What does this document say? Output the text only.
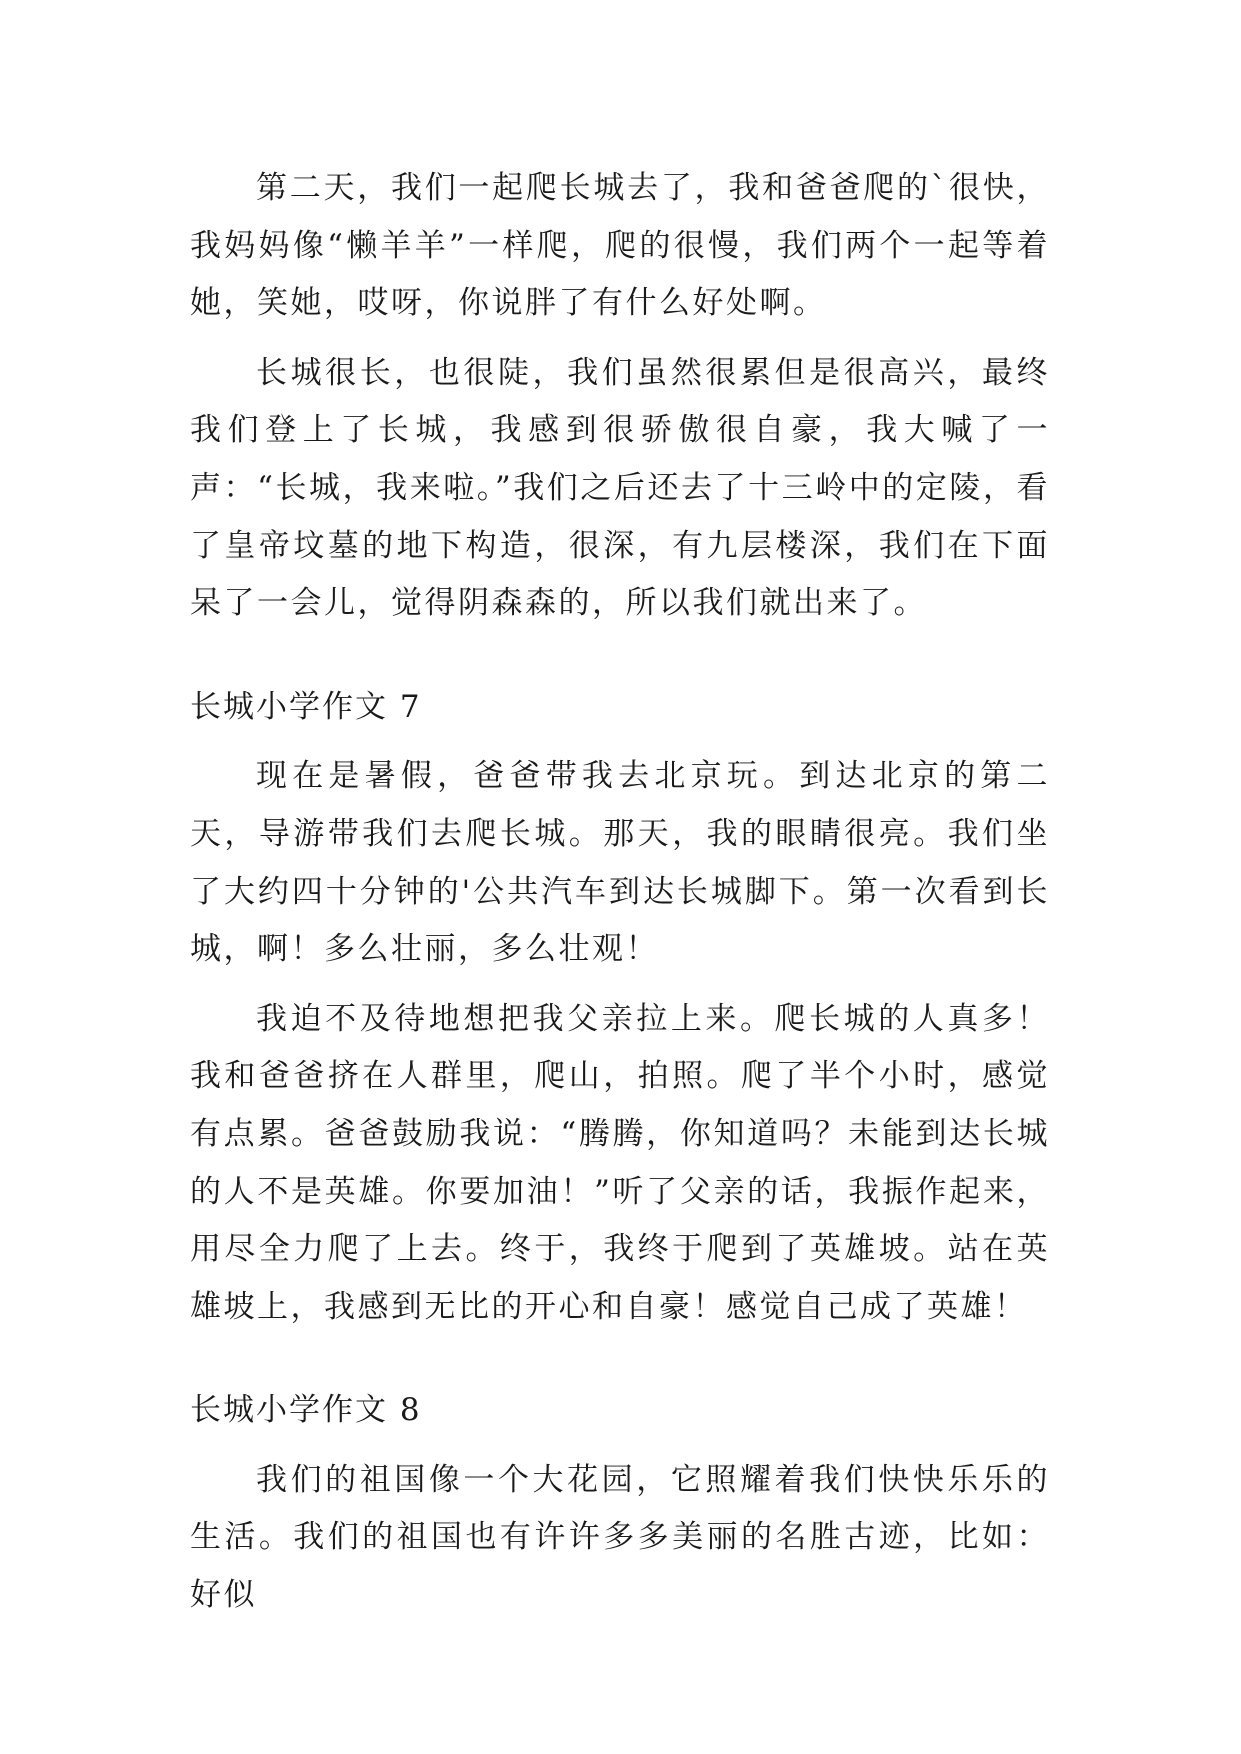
第二天，我们一起爬长城去了，我和爸爸爬的`很快，我妈妈像“懒羊羊”一样爬，爬的很慢，我们两个一起等着她，笑她，哎呀，你说胖了有什么好处啊。

长城很长，也很陡，我们虽然很累但是很高兴，最终我们登上了长城，我感到很骄傲很自豪，我大喊了一声：“长城，我来啦。”我们之后还去了十三岭中的定陵，看了皇帝坟墓的地下构造，很深，有九层楼深，我们在下面呆了一会儿，觉得阴森森的，所以我们就出来了。

长城小学作文 7

现在是暑假，爸爸带我去北京玩。到达北京的第二天，导游带我们去爬长城。那天，我的眼睛很亮。我们坐了大约四十分钟的'公共汽车到达长城脚下。第一次看到长城，啊！多么壮丽，多么壮观！

我迫不及待地想把我父亲拉上来。爬长城的人真多！我和爸爸挤在人群里，爬山，拍照。爬了半个小时，感觉有点累。爸爸鼓励我说：“腾腾，你知道吗？未能到达长城的人不是英雄。你要加油！”听了父亲的话，我振作起来，用尽全力爬了上去。终于，我终于爬到了英雄坡。站在英雄坡上，我感到无比的开心和自豪！感觉自己成了英雄！

长城小学作文 8

我们的祖国像一个大花园，它照耀着我们快快乐乐的生活。我们的祖国也有许许多多美丽的名胜古迹，比如：好似
